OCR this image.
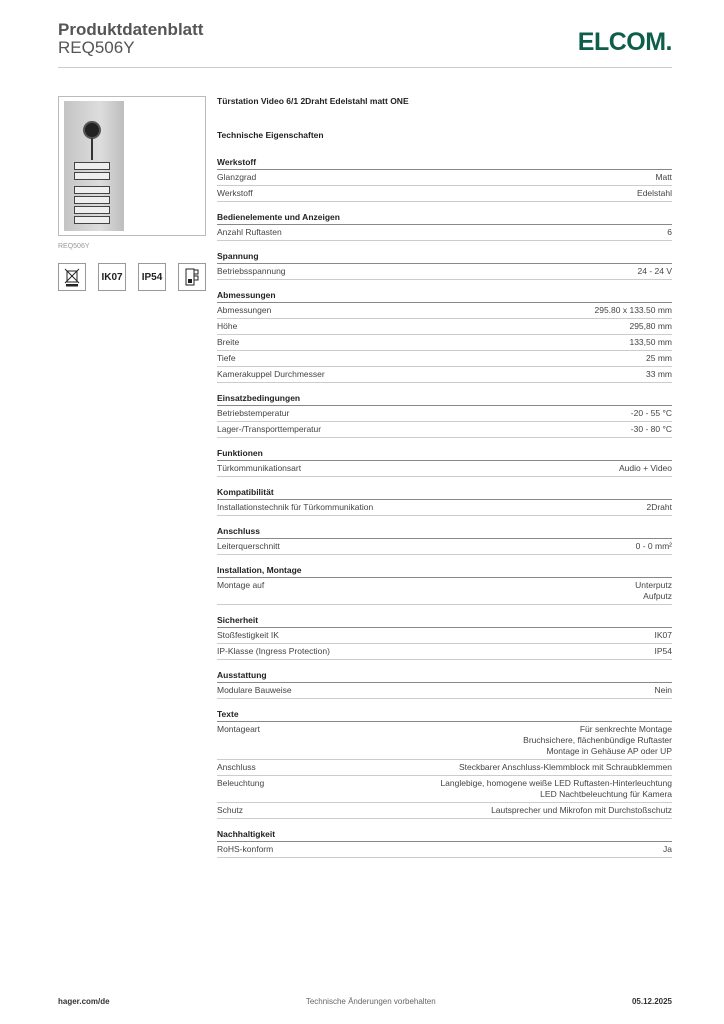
Produktdatenblatt
REQ506Y	ELCOM.
REQ506Y
IK07	IP54
Türstation Video 6/1 2Draht Edelstahl matt ONE
Technische Eigenschaften
Werkstoff
Glanzgrad	Matt
Werkstoff	Edelstahl
Bedienelemente und Anzeigen
Anzahl Ruftasten	6
Spannung
Betriebsspannung	24 - 24 V
Abmessungen
Abmessungen	295.80 x 133.50 mm
Höhe	295,80 mm
Breite	133,50 mm
Tiefe	25 mm
Kamerakuppel Durchmesser	33 mm
Einsatzbedingungen
Betriebstemperatur	-20 - 55 °C
Lager-/Transporttemperatur	-30 - 80 °C
Funktionen
Türkommunikationsart	Audio + Video
Kompatibilität
Installationstechnik für Türkommunikation	2Draht
Anschluss
Leiterquerschnitt	0 - 0 mm²
Installation, Montage
Montage auf	Unterputz
Aufputz
Sicherheit
Stoßfestigkeit IK	IK07
IP-Klasse (Ingress Protection)	IP54
Ausstattung
Modulare Bauweise	Nein
Texte
Montageart	Für senkrechte Montage
Bruchsichere, flächenbündige Ruftaster
Montage in Gehäuse AP oder UP
Anschluss	Steckbarer Anschluss-Klemmblock mit Schraubklemmen
Beleuchtung	Langlebige, homogene weiße LED Ruftasten-Hinterleuchtung
LED Nachtbeleuchtung für Kamera
Schutz	Lautsprecher und Mikrofon mit Durchstoßschutz
Nachhaltigkeit
RoHS-konform	Ja
hager.com/de	Technische Änderungen vorbehalten	05.12.2025
